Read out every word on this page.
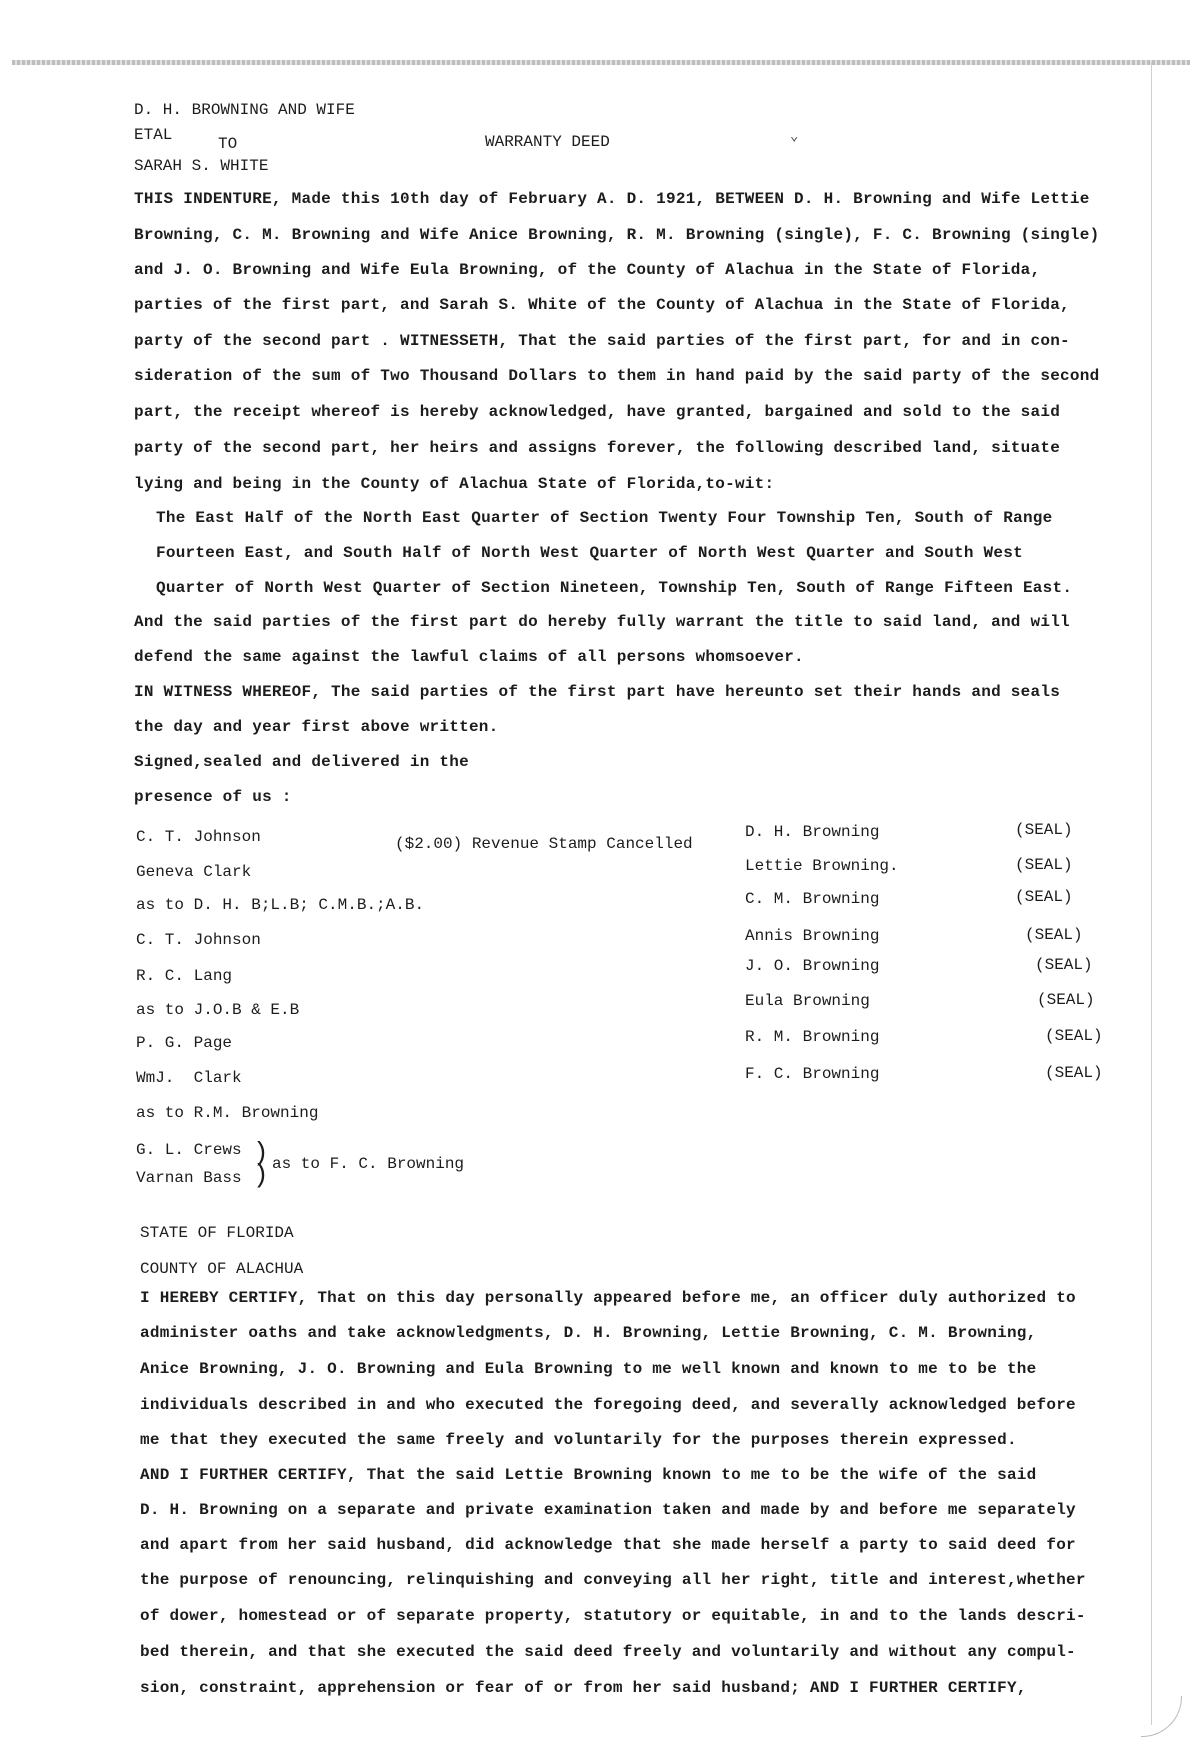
D. H. BROWNING AND WIFE
ETAL	TO	WARRANTY DEED
SARAH S. WHITE
⌄
THIS INDENTURE, Made this 10th day of February A. D. 1921, BETWEEN D. H. Browning and Wife Lettie
Browning, C. M. Browning and Wife Anice Browning, R. M. Browning (single), F. C. Browning (single)
and J. O. Browning and Wife Eula Browning, of the County of Alachua in the State of Florida,
parties of the first part, and Sarah S. White of the County of Alachua in the State of Florida,
party of the second part . WITNESSETH, That the said parties of the first part, for and in con-
sideration of the sum of Two Thousand Dollars to them in hand paid by the said party of the second
part, the receipt whereof is hereby acknowledged, have granted, bargained and sold to the said
party of the second part, her heirs and assigns forever, the following described land, situate
lying and being in the County of Alachua State of Florida,to-wit:
The East Half of the North East Quarter of Section Twenty Four Township Ten, South of Range
Fourteen East, and South Half of North West Quarter of North West Quarter and South West
Quarter of North West Quarter of Section Nineteen, Township Ten, South of Range Fifteen East.
And the said parties of the first part do hereby fully warrant the title to said land, and will
defend the same against the lawful claims of all persons whomsoever.
IN WITNESS WHEREOF, The said parties of the first part have hereunto set their hands and seals
the day and year first above written.
Signed,sealed and delivered in the
presence of us :
C. T. Johnson
Geneva Clark
as to D. H. B;L.B; C.M.B.;A.B.
C. T. Johnson
R. C. Lang
as to J.O.B & E.B
P. G. Page
WmJ.  Clark
as to R.M. Browning
G. L. Crews
Varnan Bass
)
) as to F. C. Browning
($2.00) Revenue Stamp Cancelled
D. H. Browning
Lettie Browning.
C. M. Browning
Annis Browning
J. O. Browning
Eula Browning
R. M. Browning
F. C. Browning
(SEAL)
(SEAL)
(SEAL)
(SEAL)
(SEAL)
(SEAL)
(SEAL)
(SEAL)
STATE OF FLORIDA
COUNTY OF ALACHUA
I HEREBY CERTIFY, That on this day personally appeared before me, an officer duly authorized to
administer oaths and take acknowledgments, D. H. Browning, Lettie Browning, C. M. Browning,
Anice Browning, J. O. Browning and Eula Browning to me well known and known to me to be the
individuals described in and who executed the foregoing deed, and severally acknowledged before
me that they executed the same freely and voluntarily for the purposes therein expressed.
AND I FURTHER CERTIFY, That the said Lettie Browning known to me to be the wife of the said
D. H. Browning on a separate and private examination taken and made by and before me separately
and apart from her said husband, did acknowledge that she made herself a party to said deed for
the purpose of renouncing, relinquishing and conveying all her right, title and interest,whether
of dower, homestead or of separate property, statutory or equitable, in and to the lands descri-
bed therein, and that she executed the said deed freely and voluntarily and without any compul-
sion, constraint, apprehension or fear of or from her said husband; AND I FURTHER CERTIFY,
